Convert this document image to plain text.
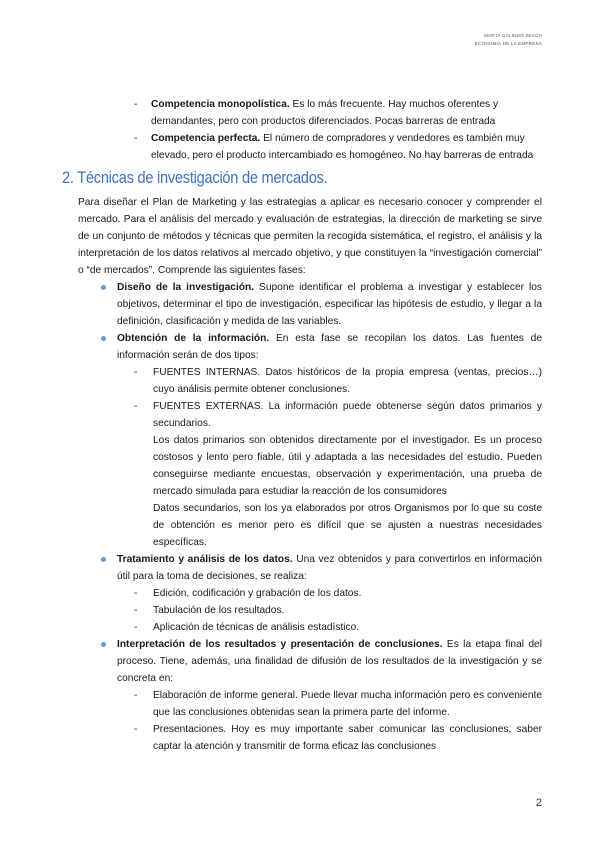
MARTA GALINDO ZEACH
ECONOMÍA DE LA EMPRESA
- Competencia monopolística. Es lo más frecuente. Hay muchos oferentes y demandantes, pero con productos diferenciados. Pocas barreras de entrada
- Competencia perfecta. El número de compradores y vendedores es también muy elevado, pero el producto intercambiado es homogéneo. No hay barreras de entrada
2. Técnicas de investigación de mercados.
Para diseñar el Plan de Marketing y las estrategias a aplicar es necesario conocer y comprender el mercado. Para el análisis del mercado y evaluación de estrategias, la dirección de marketing se sirve de un conjunto de métodos y técnicas que permiten la recogida sistemática, el registro, el análisis y la interpretación de los datos relativos al mercado objetivo, y que constituyen la “investigación comercial” o “de mercados”. Comprende las siguientes fases:
Diseño de la investigación. Supone identificar el problema a investigar y establecer los objetivos, determinar el tipo de investigación, especificar las hipótesis de estudio, y llegar a la definición, clasificación y medida de las variables.
Obtención de la información. En esta fase se recopilan los datos. Las fuentes de información serán de dos tipos:
- FUENTES INTERNAS. Datos históricos de la propia empresa (ventas, precios…) cuyo análisis permite obtener conclusiones.
- FUENTES EXTERNAS. La información puede obtenerse según datos primarios y secundarios.
Los datos primarios son obtenidos directamente por el investigador. Es un proceso costosos y lento pero fiable, útil y adaptada a las necesidades del estudio. Pueden conseguirse mediante encuestas, observación y experimentación, una prueba de mercado simulada para estudiar la reacción de los consumidores
Datos secundarios, son los ya elaborados por otros Organismos por lo que su coste de obtención es menor pero es difícil que se ajusten a nuestras necesidades específicas.
Tratamiento y análisis de los datos. Una vez obtenidos y para convertirlos en información útil para la toma de decisiones, se realiza:
- Edición, codificación y grabación de los datos.
- Tabulación de los resultados.
- Aplicación de técnicas de análisis estadístico.
Interpretación de los resultados y presentación de conclusiones. Es la etapa final del proceso. Tiene, además, una finalidad de difusión de los resultados de la investigación y se concreta en:
- Elaboración de informe general. Puede llevar mucha información pero es conveniente que las conclusiones obtenidas sean la primera parte del informe.
- Presentaciones. Hoy es muy importante saber comunicar las conclusiones, saber captar la atención y transmitir de forma eficaz las conclusiones
2
